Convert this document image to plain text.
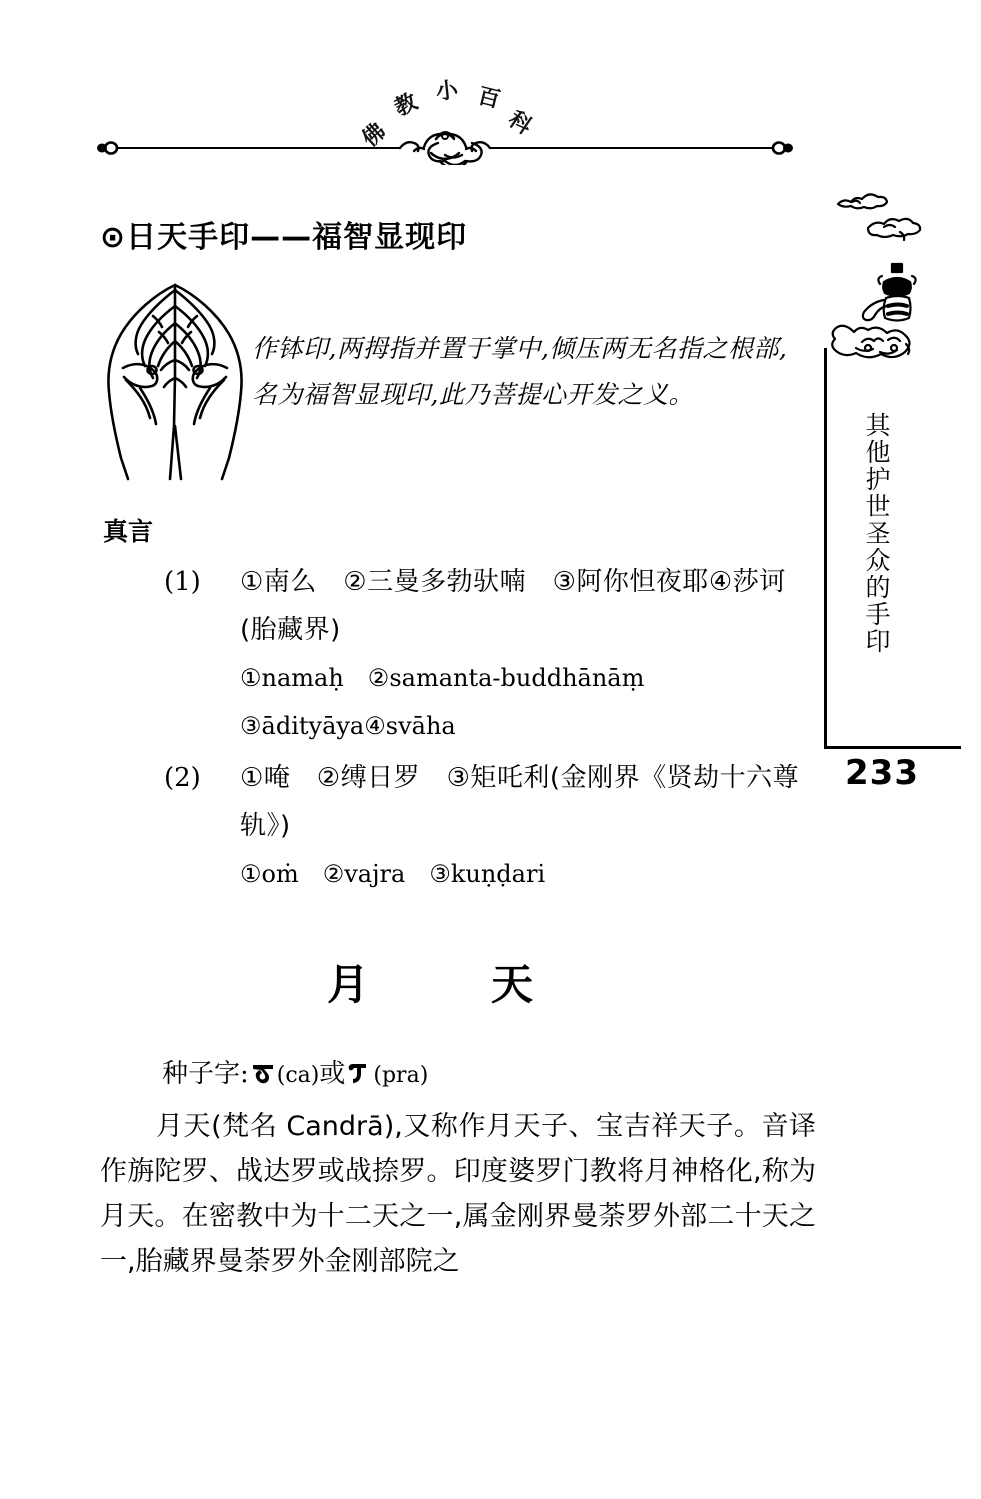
佛
教 小 百
科
⊙日天手印——福智显现印
作钵印,两拇指并置于掌中,倾压两无名指之根部,名为福智显现印,此乃菩提心开发之义。
真言
(1) ①南么　②三曼多勃驮喃　③阿你怛夜耶④莎诃(胎藏界)
①namaḥ　②samanta-buddhānāṃ　③ādityāya④svāha
(2) ①唵　②缚日罗　③矩吒利(金刚界《贤劫十六尊轨》)
①oṁ　②vajra　③kuṇḍari
月　天
种子字: (ca)或 (pra)
月天(梵名 Candrā),又称作月天子、宝吉祥天子。音译作旃陀罗、战达罗或战捺罗。印度婆罗门教将月神格化,称为月天。在密教中为十二天之一,属金刚界曼荼罗外部二十天之一,胎藏界曼荼罗外金刚部院之
其他护世圣众的手印
233
